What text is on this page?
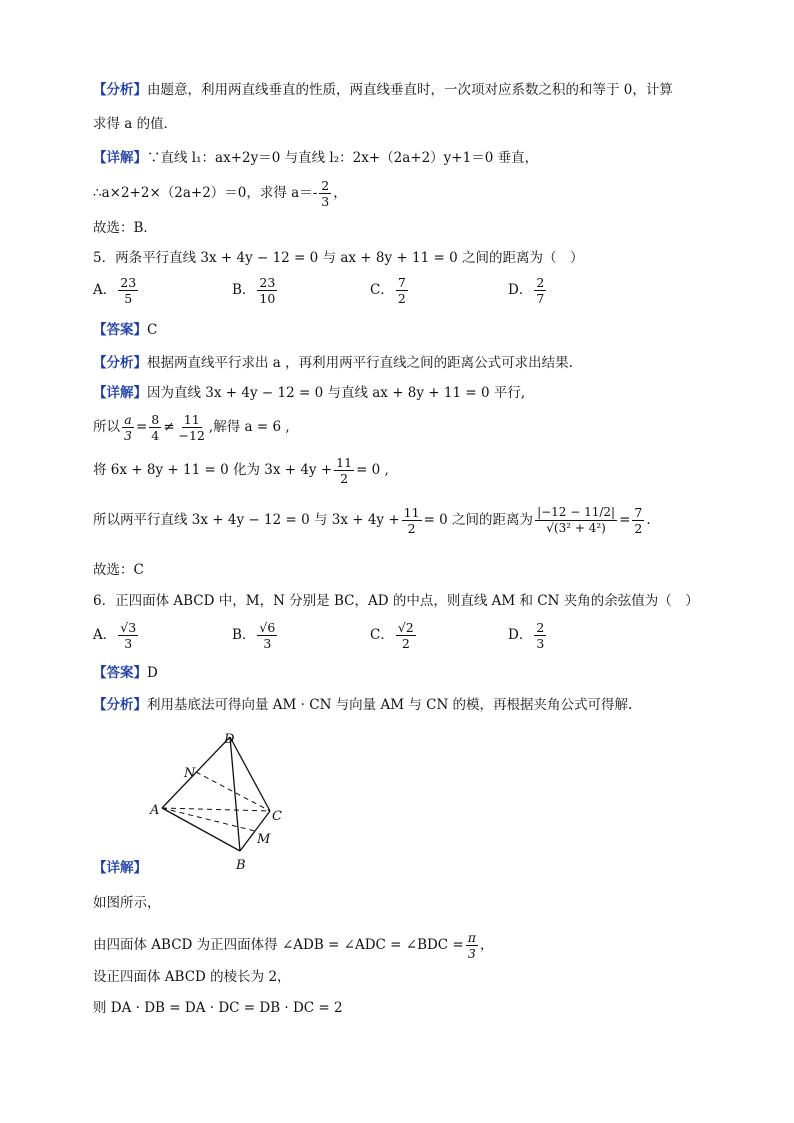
【分析】由题意，利用两直线垂直的性质，两直线垂直时，一次项对应系数之积的和等于 0，计算
求得 a 的值．
【详解】∵直线 l₁：ax+2y＝0 与直线 l₂：2x+（2a+2）y+1＝0 垂直，
∴a×2+2×（2a+2）＝0，求得 $a=- \frac{2}{3}$ ，
故选：B．
5．两条平行直线 3x + 4y − 12 = 0 与 ax + 8y + 11 = 0 之间的距离为（　）
A． $\frac{23}{5}$	B． $\frac{23}{10}$	C． $\frac{7}{2}$	D． $\frac{2}{7}$
【答案】C
【分析】根据两直线平行求出 a ，再利用两平行直线之间的距离公式可求出结果.
【详解】因为直线 3x + 4y − 12 = 0 与直线 ax + 8y + 11 = 0 平行,
所以 $\frac{a}{3} = \frac{8}{4} \ne \frac{11}{-12}$ ,解得 a = 6 ,
将 6x + 8y + 11 = 0 化为 $3x + 4y + \frac{11}{2} = 0$ ,
所以两平行直线 3x + 4y − 12 = 0 与 $3x + 4y + \frac{11}{2} = 0$ 之间的距离为 $\frac{|-12 - 11/2|}{\text{√(3² + 4²)}} = \frac{7}{2}$ .
故选：C
6．正四面体 ABCD 中，M，N 分别是 BC，AD 的中点，则直线 AM 和 CN 夹角的余弦值为（　）
A． $\frac{√3}{3}$	B． $\frac{√6}{3}$	C． $\frac{√2}{2}$	D． $\frac{2}{3}$
【答案】D
【分析】利用基底法可得向量 AM · CN 与向量 AM 与 CN 的模，再根据夹角公式可得解.
D
N
A	C
M
B
【详解】
如图所示，
由四面体 ABCD 为正四面体得 ∠ADB = ∠ADC = ∠BDC = $\frac{\pi}{3}$ ，
设正四面体 ABCD 的棱长为 2，
则 DA · DB = DA · DC = DB · DC = 2
